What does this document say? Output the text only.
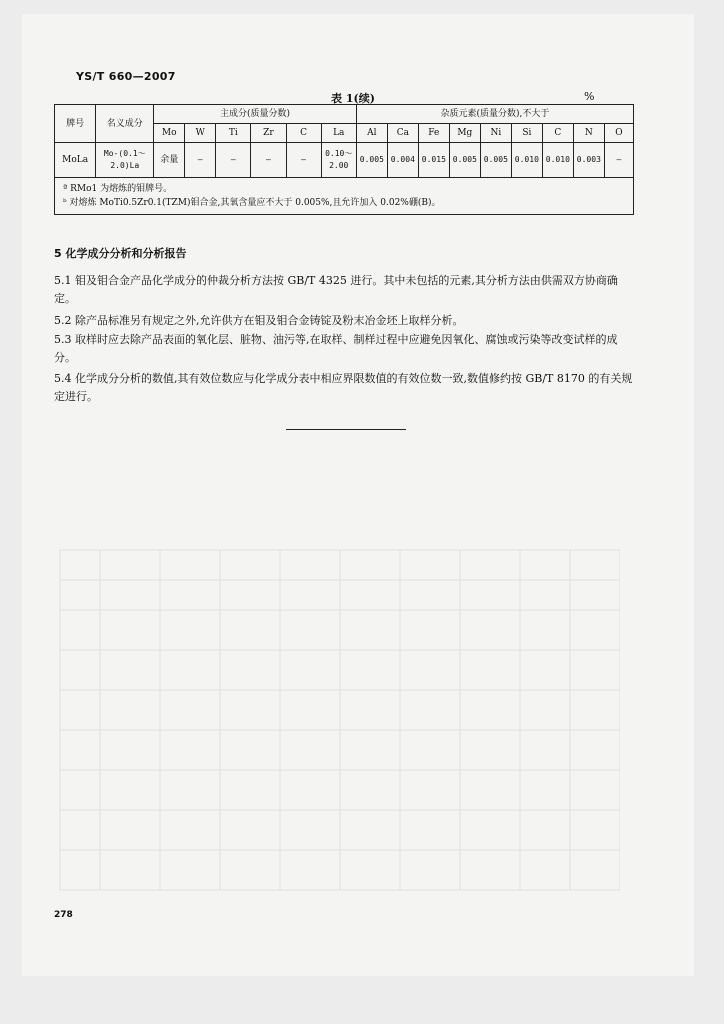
YS/T 660—2007
表 1(续)	%
牌号	名义成分	主成分(质量分数)						杂质元素(质量分数),不大于								
		Mo	W	Ti	Zr	C	La	Al	Ca	Fe	Mg	Ni	Si	C	N	O
MoLa	Mo-(0.1～ 2.0)La	余量	—	—	—	—	0.10～ 2.00	0.005	0.004	0.015	0.005	0.005	0.010	0.010	0.003	—

ª RMo1 为熔炼的钼牌号。
ᵇ 对熔炼 MoTi0.5Zr0.1(TZM)钼合金,其氧含量应不大于 0.005%,且允许加入 0.02%硼(B)。																
5 化学成分分析和分析报告
5.1 钼及钼合金产品化学成分的仲裁分析方法按 GB/T 4325 进行。其中未包括的元素,其分析方法由供需双方协商确定。
5.2 除产品标准另有规定之外,允许供方在钼及钼合金铸锭及粉末冶金坯上取样分析。
5.3 取样时应去除产品表面的氧化层、脏物、油污等,在取样、制样过程中应避免因氧化、腐蚀或污染等改变试样的成分。
5.4 化学成分分析的数值,其有效位数应与化学成分表中相应界限数值的有效位数一致,数值修约按 GB/T 8170 的有关规定进行。
278
